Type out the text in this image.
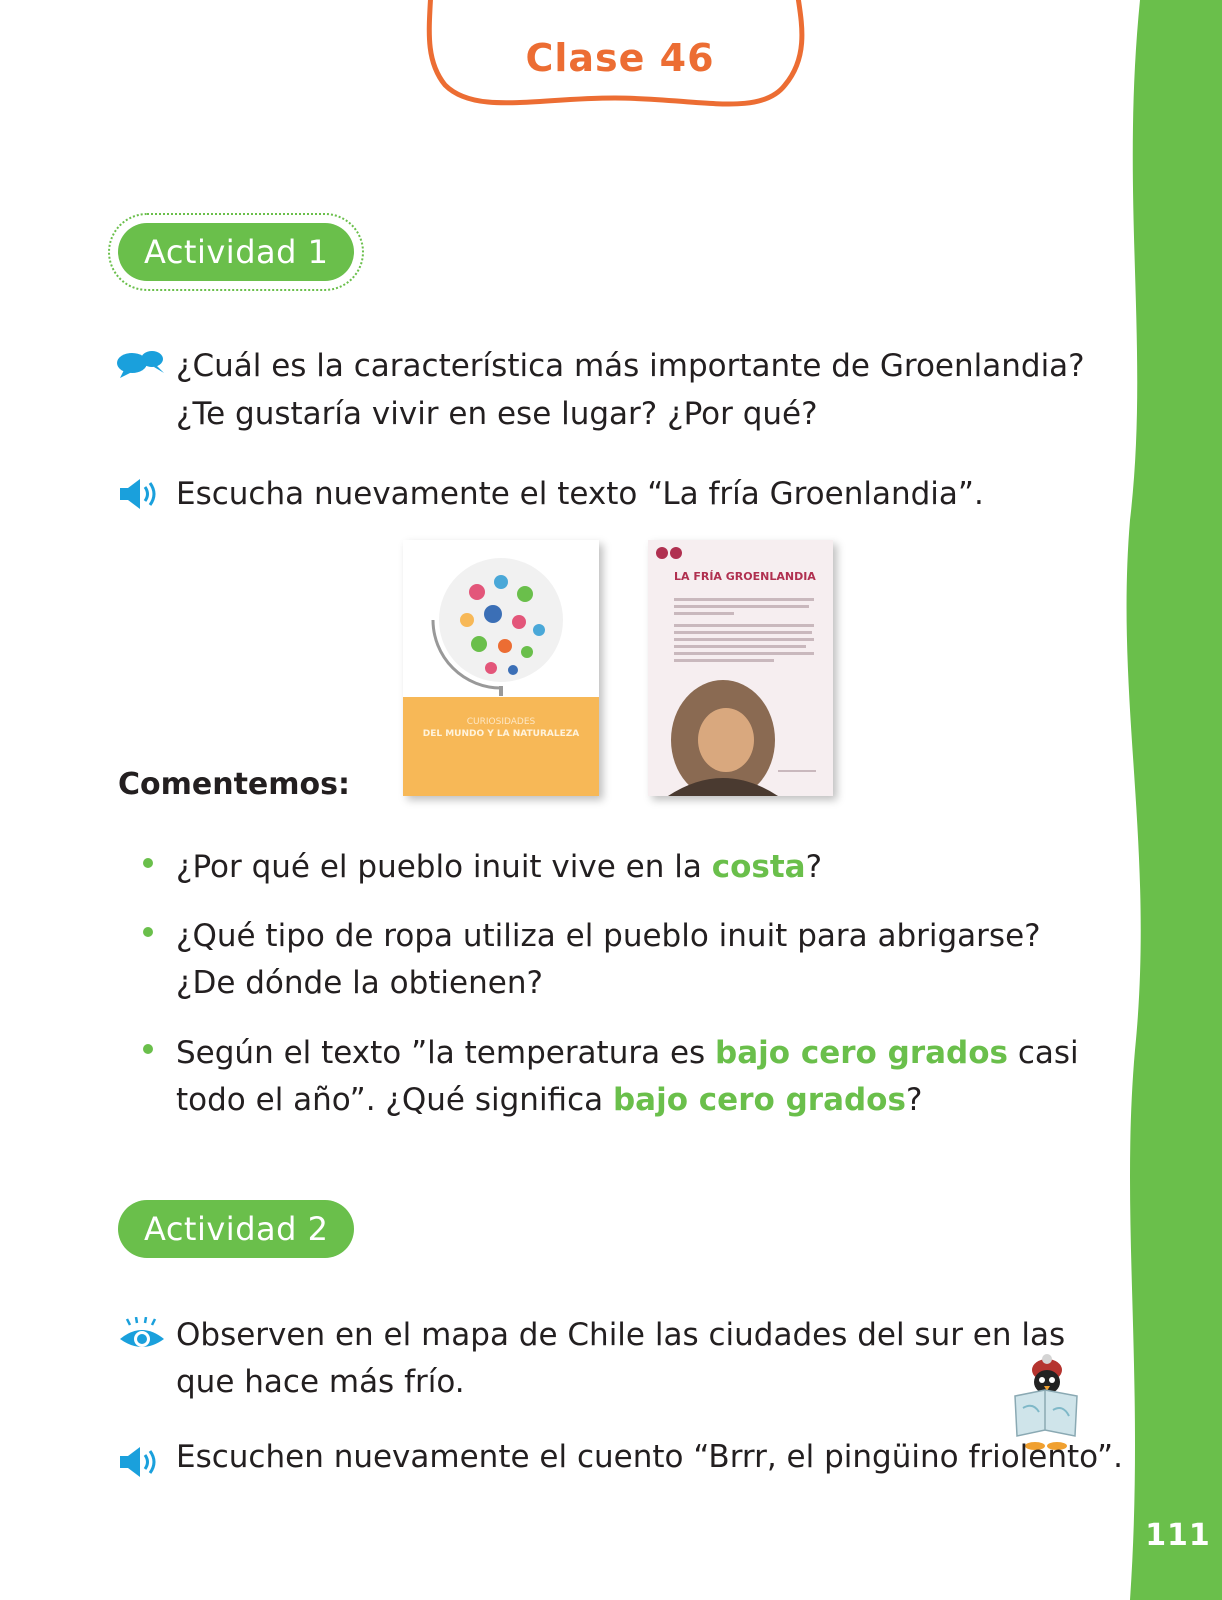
111
Clase 46
Actividad 1
¿Cuál es la característica más importante de Groenlandia?
¿Te gustaría vivir en ese lugar? ¿Por qué?
Escucha nuevamente el texto “La fría Groenlandia”.
CURIOSIDADES
DEL MUNDO Y LA NATURALEZA
LA FRÍA GROENLANDIA
Comentemos:
¿Por qué el pueblo inuit vive en la costa?
¿Qué tipo de ropa utiliza el pueblo inuit para abrigarse?
¿De dónde la obtienen?
Según el texto ”la temperatura es bajo cero grados casi
todo el año”. ¿Qué significa bajo cero grados?
Actividad 2
Observen en el mapa de Chile las ciudades del sur en las
que hace más frío.
Escuchen nuevamente el cuento “Brrr, el pingüino friolento”.
